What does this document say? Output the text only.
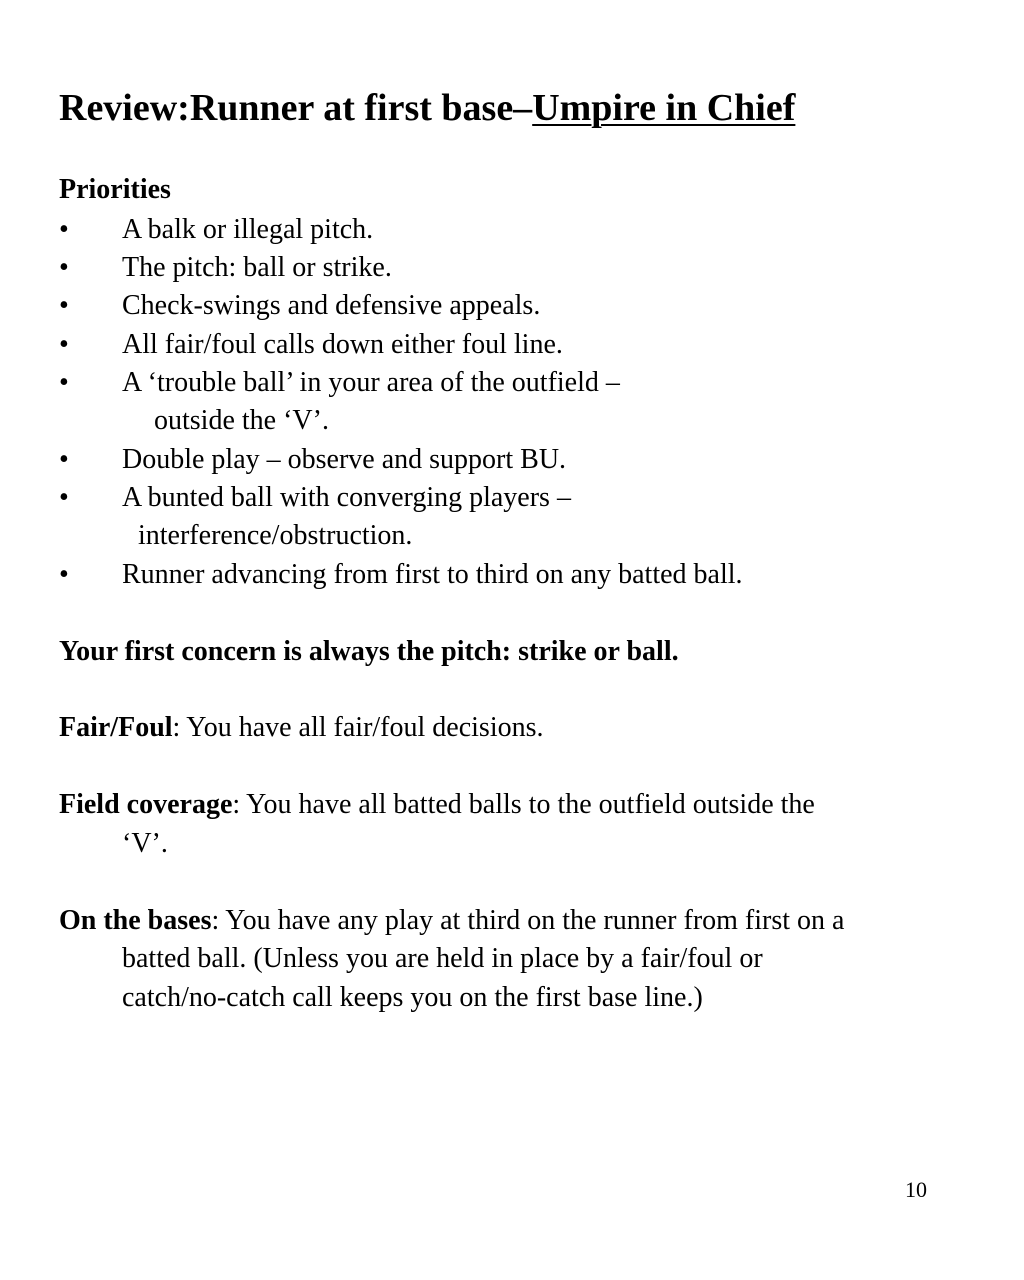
Review:Runner at first base–Umpire in Chief
Priorities
•	A balk or illegal pitch.
•	The pitch: ball or strike.
•	Check-swings and defensive appeals.
•	All fair/foul calls down either foul line.
•	A ‘trouble ball’ in your area of the outfield –
outside the ‘V’.
•	Double play – observe and support BU.
•	A bunted ball with converging players –
interference/obstruction.
•	Runner advancing from first to third on any batted ball.
Your first concern is always the pitch: strike or ball.
Fair/Foul: You have all fair/foul decisions.
Field coverage: You have all batted balls to the outfield outside the
‘V’.
On the bases: You have any play at third on the runner from first on a
batted ball. (Unless you are held in place by a fair/foul or
catch/no-catch call keeps you on the first base line.)
10
